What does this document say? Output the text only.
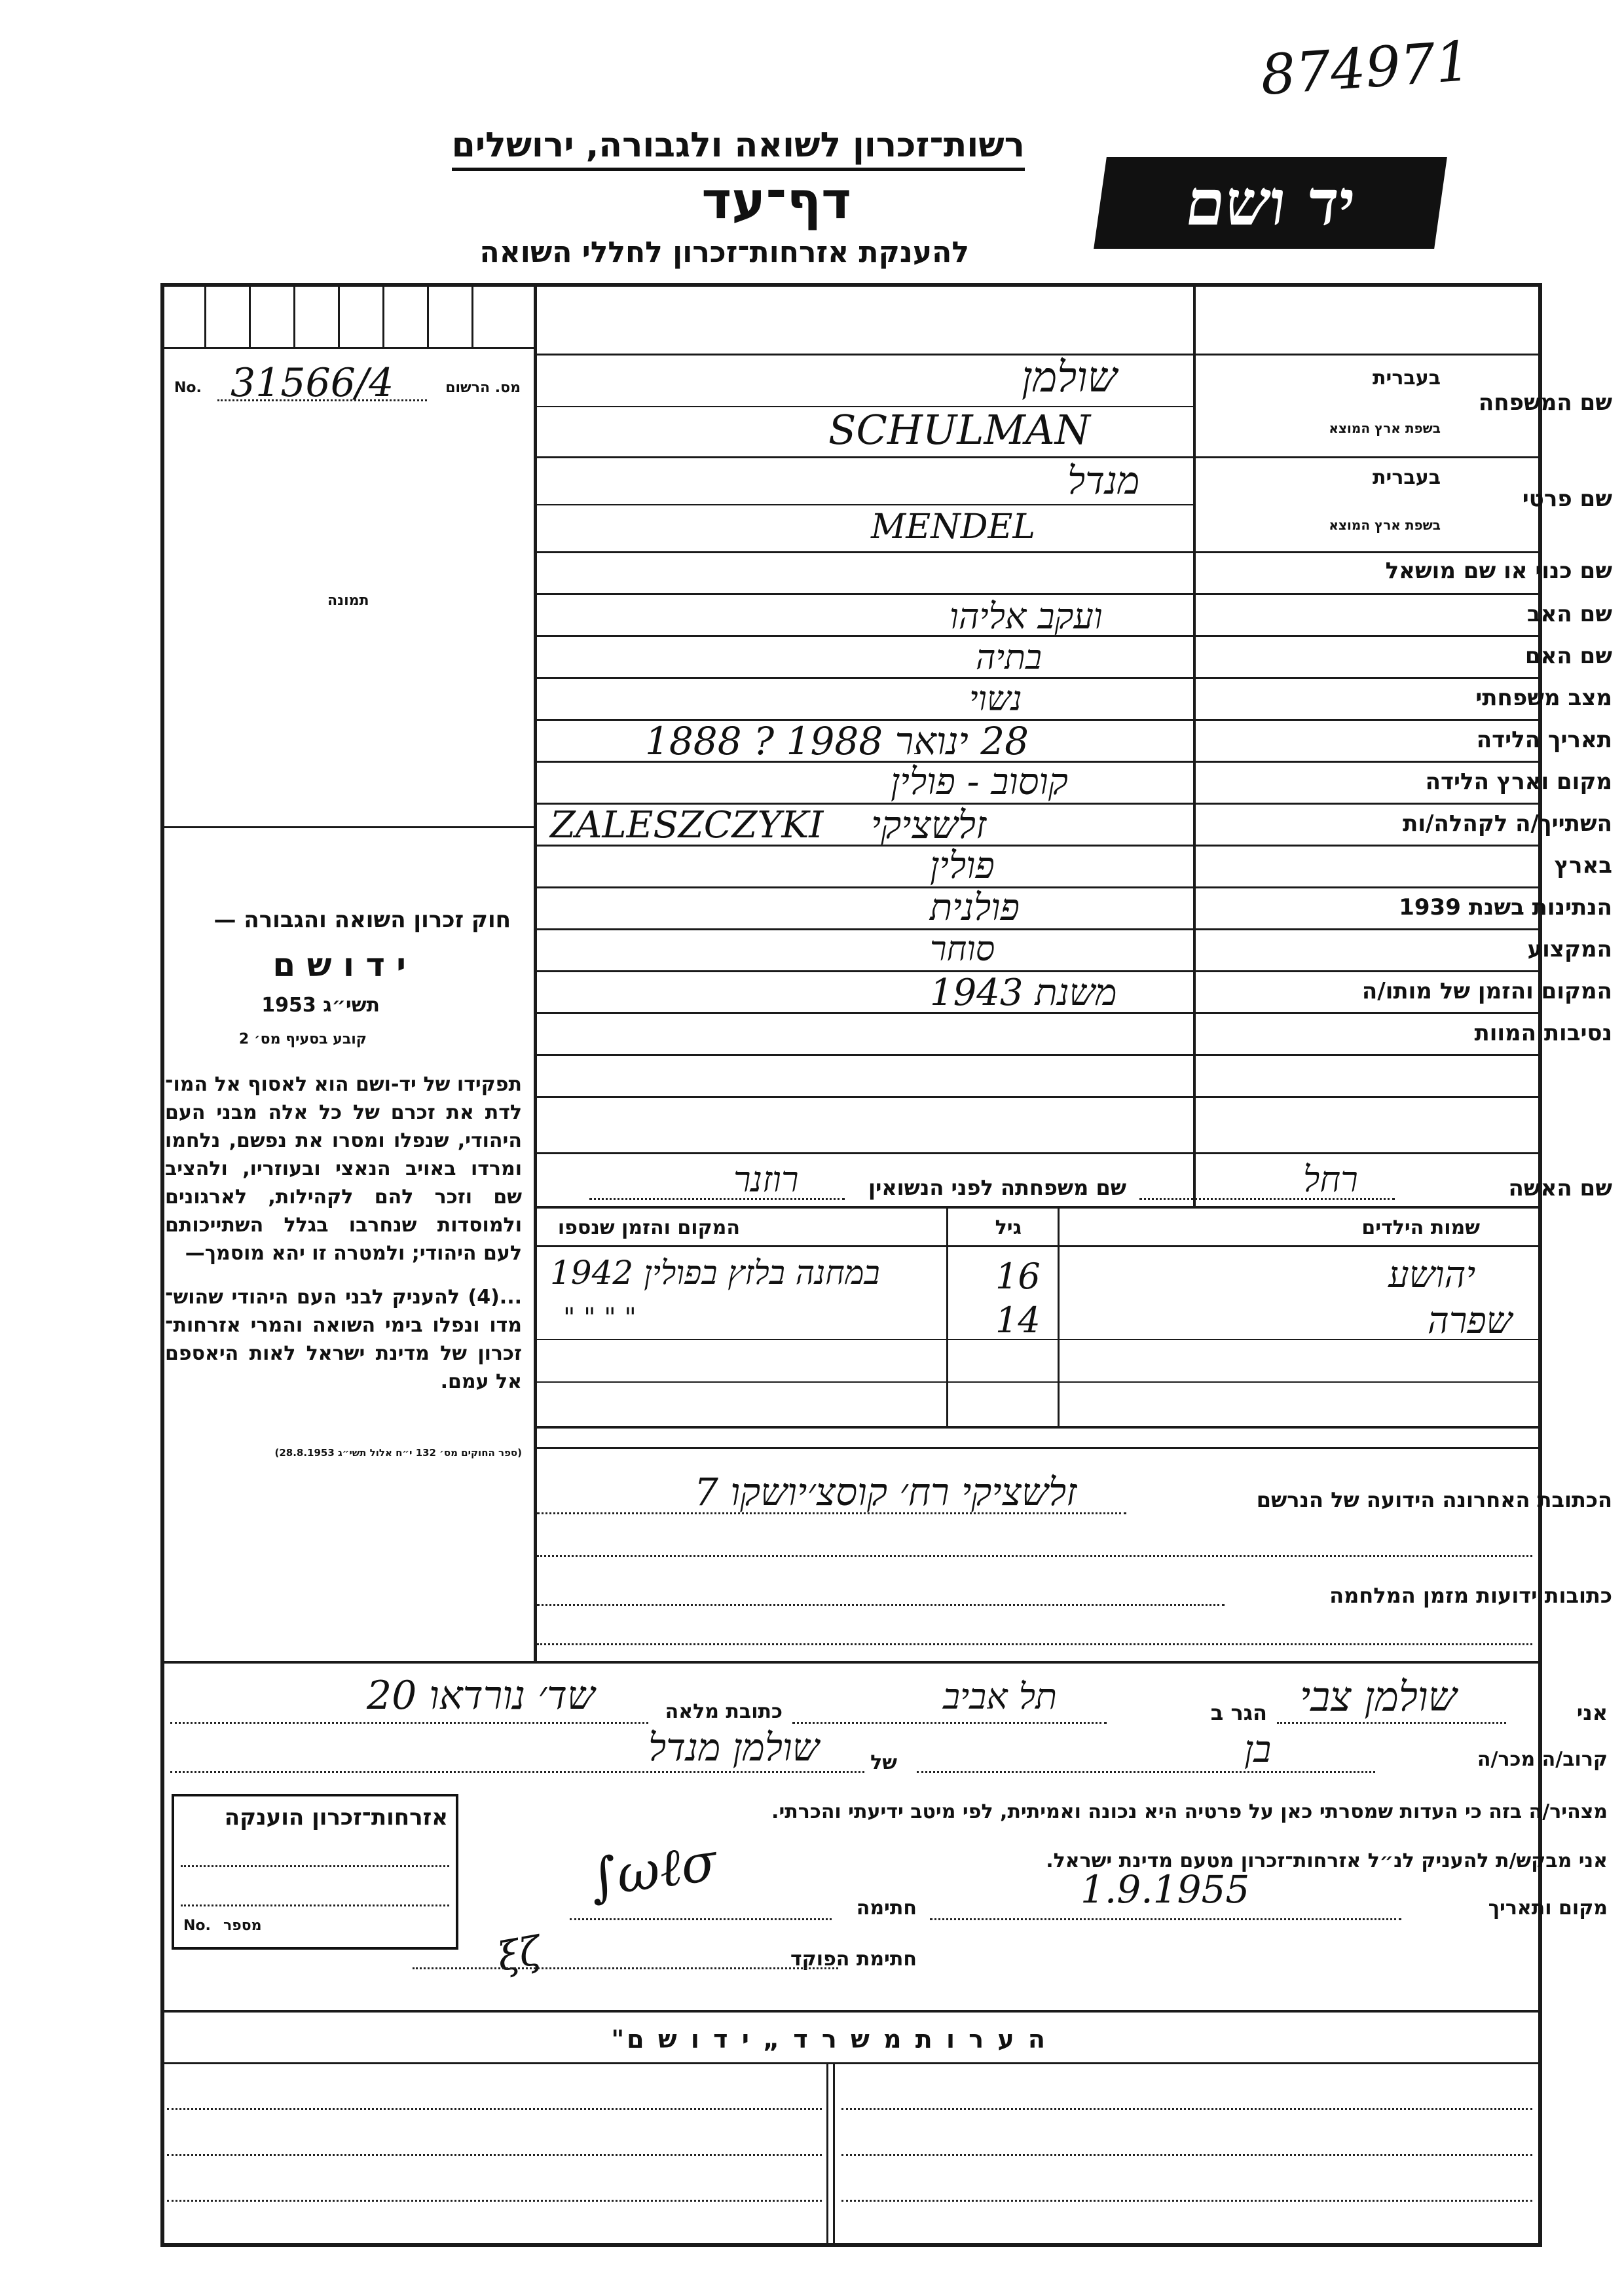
874971
רשות־זכרון לשואה ולגבורה, ירושלים
דף־עד
להענקת אזרחות־זכרון לחללי השואה
יד ושם
No. 31566/4	מס. הרשום
תמונה
חוק זכרון השואה והגבורה —
י ד ו ש ם
תשי״ג 1953
קובע בסעיף מס׳ 2
תפקידו של יד-ושם הוא לאסוף אל המו־ לדת את זכרם של כל אלה מבני העם היהודי, שנפלו ומסרו את נפשם, נלחמו ומרדו באויב הנאצי ובעוזריו, ולהציב שם וזכר להם לקהילות, לארגונים ולמוסדות שנחרבו בגלל השתייכותם לעם היהודי; ולמטרה זו יהא מוסמך—
...(4) להעניק לבני העם היהודי שהוש־ מדו ונפלו בימי השואה והמרי אזרחות־ זכרון של מדינת ישראל לאות היאספם אל עמם.
(ספר החוקים מס׳ 132 י״ח אלול תשי״ג 28.8.1953)
שם המשפחה
בעברית
בשפת ארץ המוצא
שולמן
SCHULMAN
שם פרטי
בעברית
בשפת ארץ המוצא
מנדל
MENDEL
שם כנוי או שם מושאל
שם האב
ועקב אליהו
שם האם
בתיה
מצב משפחתי
נשוי
תאריך הלידה
28 ינואר 1988 ? 1888
מקום וארץ הלידה
קוסוב - פולין
השתייך/ה לקהלה/ות
ZALESZCZYKI זלשציקי
בארץ
פולין
הנתינות בשנת 1939
פולנית
המקצוע
סוחר
המקום והזמן של מותו/ה
משנת 1943
נסיבות המוות
שם האשה
רחל
שם משפחתה לפני הנשואין
רוזנר
שמות הילדים
גיל
המקום והזמן שנספו
יהושע
16
במחנה בלזץ בפולין 1942
שפרה
14
" " " "
הכתובת האחרונה הידועה של הנרשם
זלשציקי רח׳ קוסצ׳יושקו 7
כתובות ידועות מזמן המלחמה
אני
שולמן צבי
הגר ב
תל אביב
כתובת מלאה
שד׳ נורדאו 20
קרוב/ה מכר/ה
בן
של
שולמן מנדל
מצהיר/ה בזה כי העדות שמסרתי כאן על פרטיה היא נכונה ואמיתית, לפי מיטב ידיעתי והכרתי.
אני מבקש/ת להעניק לנ״ל אזרחות־זכרון מטעם מדינת ישראל.
מקום ותאריך
1.9.1955
חתימה
∫ωℓσ
חתימת הפוקד
ξζ
אזרחות־זכרון הוענקה
No. מספר
ה ע ר ו ת מ ש ר ד „ י ד ו ש ם"
